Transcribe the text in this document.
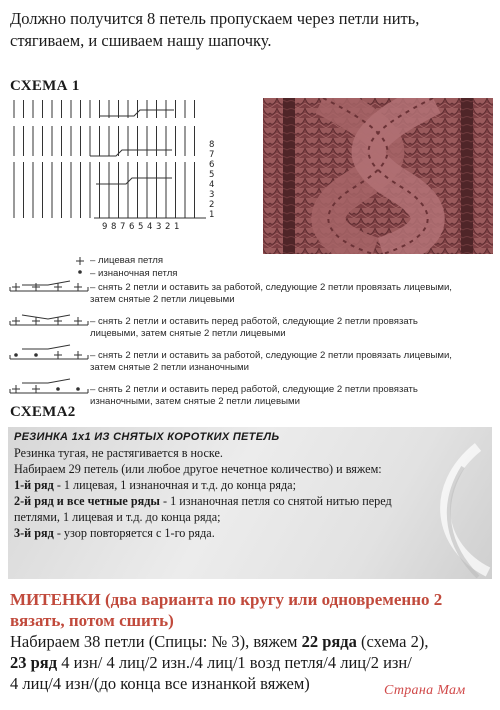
Должно получится 8 петель пропускаем через петли нить, стягиваем, и сшиваем нашу шапочку.
СХЕМА 1
8
7
6
5
4
3
2
1
9 8 7 6 5 4 3 2 1
– лицевая петля
– изнаночная петля
– снять 2 петли и оставить за работой, следующие 2 петли провязать лицевыми,
затем снятые 2 петли лицевыми
– снять 2 петли и оставить перед работой, следующие 2 петли провязать
лицевыми, затем снятые 2 петли лицевыми
– снять 2 петли и оставить за работой, следующие 2 петли провязать лицевыми,
затем снятые 2 петли изнаночными
– снять 2 петли и оставить перед работой, следующие 2 петли провязать
изнаночными, затем снятые 2 петли лицевыми
СХЕМА2
РЕЗИНКА 1х1 ИЗ СНЯТЫХ КОРОТКИХ ПЕТЕЛЬ
Резинка тугая, не растягивается в носке.
Набираем 29 петель (или любое другое нечетное количество) и вяжем:
1-й ряд - 1 лицевая, 1 изнаночная и т.д. до конца ряда;
2-й ряд и все четные ряды - 1 изнаночная петля со снятой нитью перед
петлями, 1 лицевая и т.д. до конца ряда;
3-й ряд - узор повторяется с 1-го ряда.
МИТЕНКИ (два варианта по кругу или одновременно 2 вязать, потом сшить)
Набираем 38 петли (Спицы: № 3), вяжем 22 ряда (схема 2),
23 ряд 4 изн/ 4 лиц/2 изн./4 лиц/1 возд петля/4 лиц/2 изн/
4 лиц/4 изн/(до конца все изнанкой вяжем)	Страна Мам
